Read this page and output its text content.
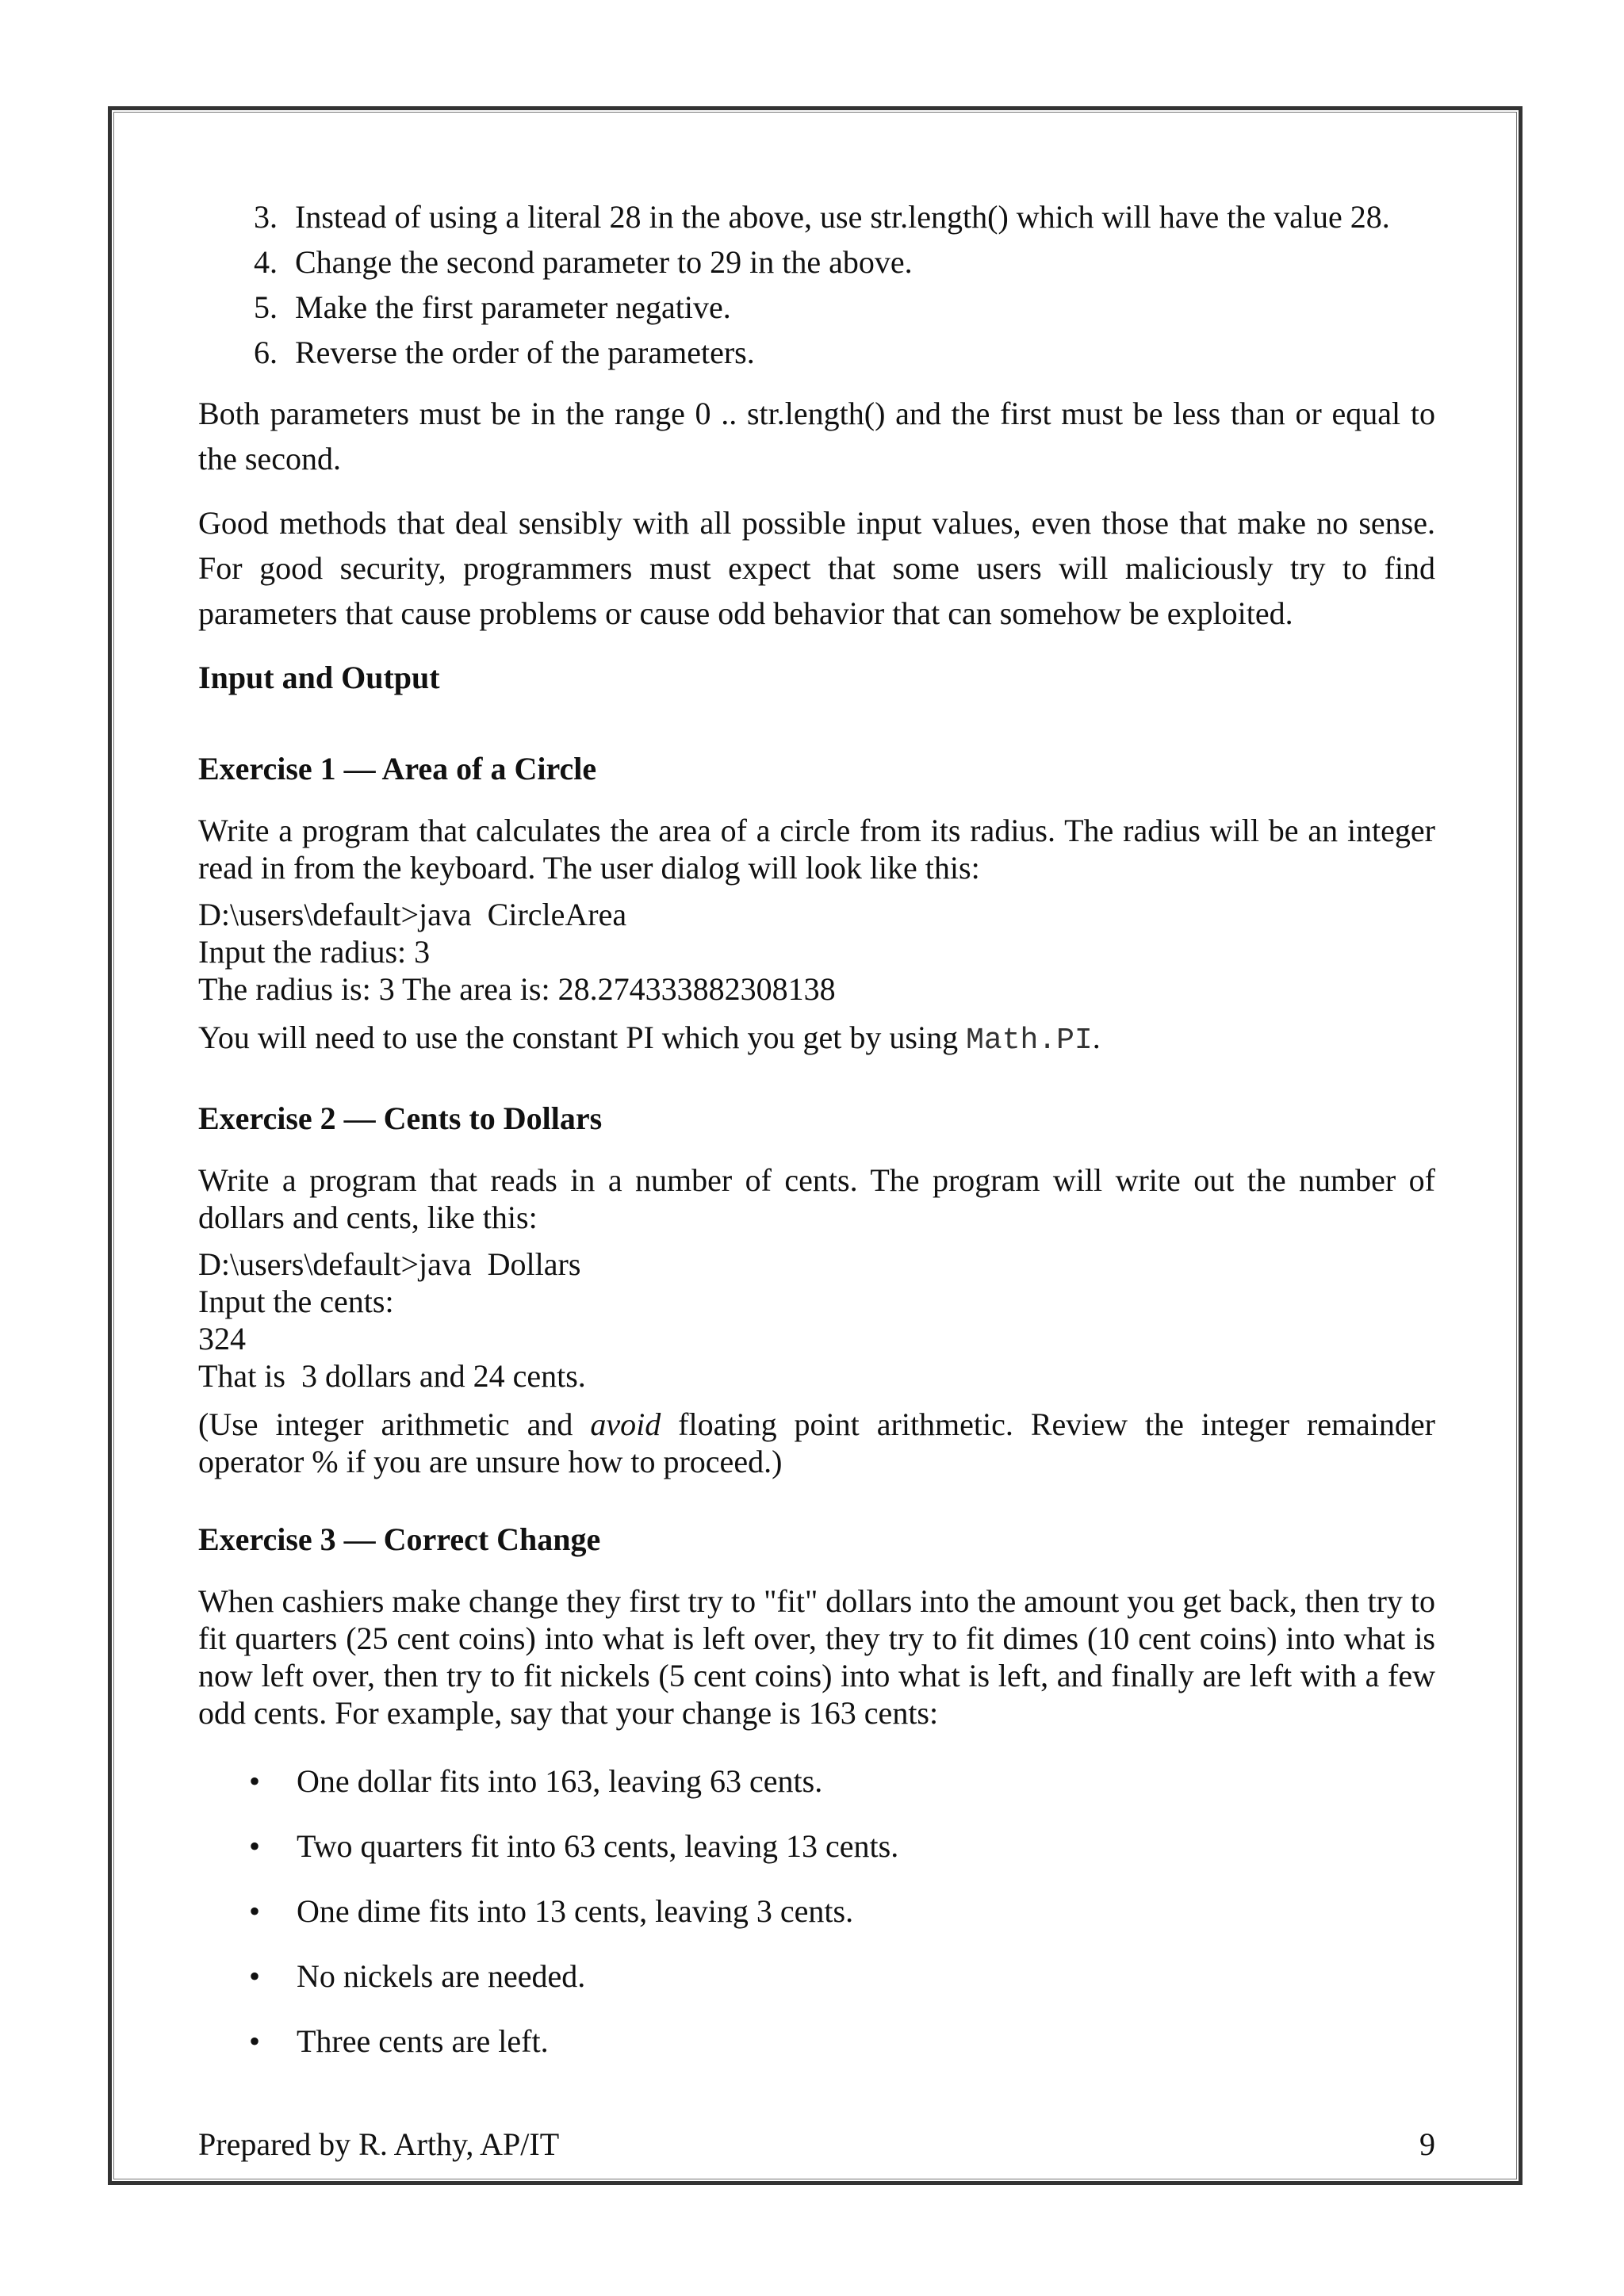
3. Instead of using a literal 28 in the above, use str.length() which will have the value 28.
4. Change the second parameter to 29 in the above.
5. Make the first parameter negative.
6. Reverse the order of the parameters.

Both parameters must be in the range 0 .. str.length() and the first must be less than or equal to the second.

Good methods that deal sensibly with all possible input values, even those that make no sense. For good security, programmers must expect that some users will maliciously try to find parameters that cause problems or cause odd behavior that can somehow be exploited.

Input and Output
Exercise 1 — Area of a Circle

Write a program that calculates the area of a circle from its radius. The radius will be an integer read in from the keyboard. The user dialog will look like this:

D:\users\default>java  CircleArea
Input the radius: 3
The radius is: 3 The area is: 28.274333882308138

You will need to use the constant PI which you get by using Math.PI.

Exercise 2 — Cents to Dollars

Write a program that reads in a number of cents. The program will write out the number of dollars and cents, like this:

D:\users\default>java  Dollars
Input the cents:
324
That is  3 dollars and 24 cents.

(Use integer arithmetic and avoid floating point arithmetic. Review the integer remainder operator % if you are unsure how to proceed.)

Exercise 3 — Correct Change

When cashiers make change they first try to "fit" dollars into the amount you get back, then try to fit quarters (25 cent coins) into what is left over, they try to fit dimes (10 cent coins) into what is now left over, then try to fit nickels (5 cent coins) into what is left, and finally are left with a few odd cents. For example, say that your change is 163 cents:

• One dollar fits into 163, leaving 63 cents.
• Two quarters fit into 63 cents, leaving 13 cents.
• One dime fits into 13 cents, leaving 3 cents.
• No nickels are needed.
• Three cents are left.
Prepared by R. Arthy, AP/IT	9
